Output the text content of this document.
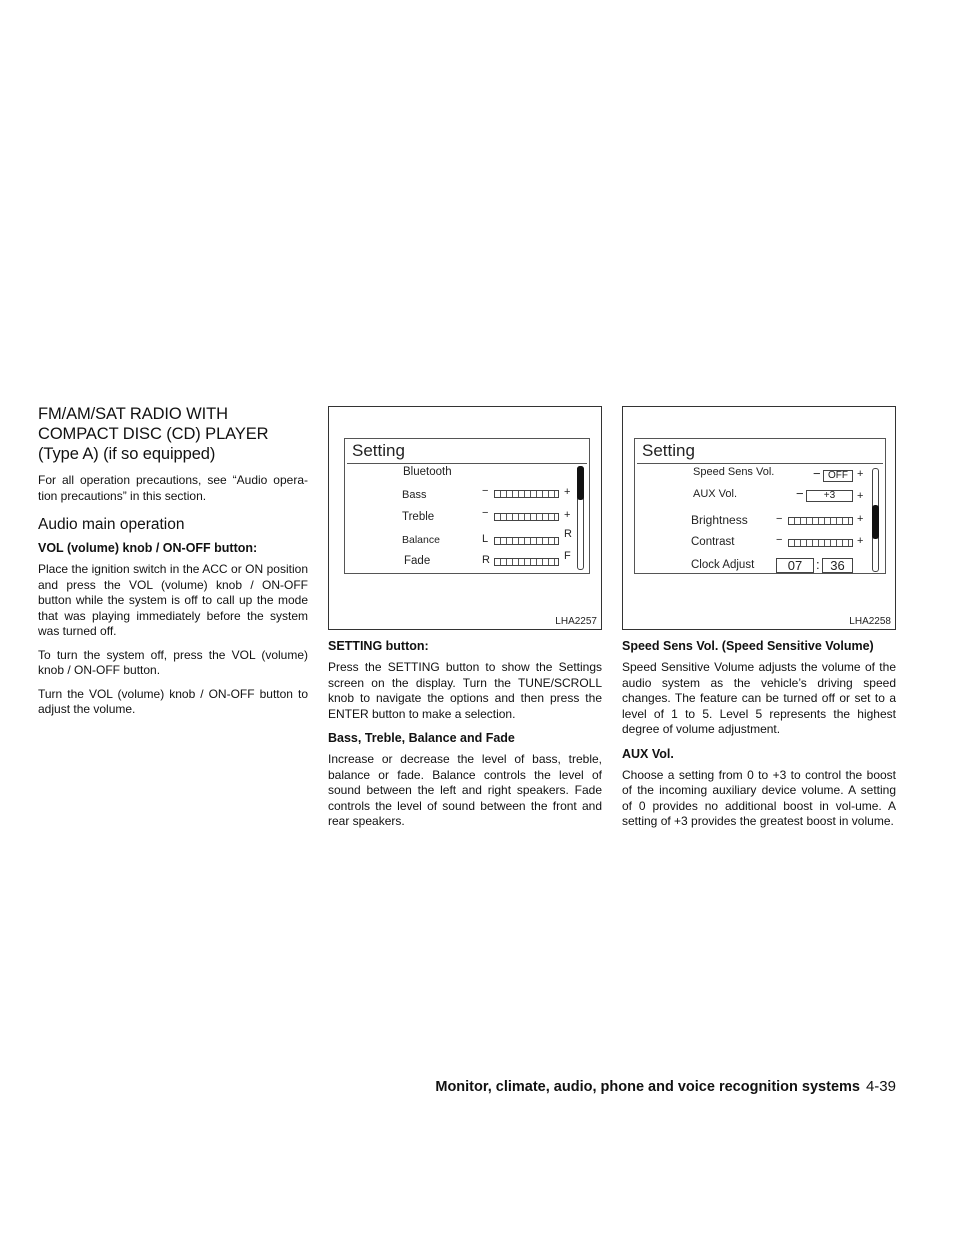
FM/AM/SAT RADIO WITH COMPACT DISC (CD) PLAYER (Type A) (if so equipped)

For all operation precautions, see “Audio opera-tion precautions” in this section.

Audio main operation
VOL (volume) knob / ON-OFF button:

Place the ignition switch in the ACC or ON position and press the VOL (volume) knob / ON-OFF button while the system is off to call up the mode that was playing immediately before the system was turned off.

To turn the system off, press the VOL (volume) knob / ON-OFF button.

Turn the VOL (volume) knob / ON-OFF button to adjust the volume.

Setting
Bluetooth
Bass	−	+
Treble	−	+
Balance	L	R
Fade	R	F
LHA2257
SETTING button:

Press the SETTING button to show the Settings screen on the display. Turn the TUNE/SCROLL knob to navigate the options and then press the ENTER button to make a selection.

Bass, Treble, Balance and Fade

Increase or decrease the level of bass, treble, balance or fade. Balance controls the level of sound between the left and right speakers. Fade controls the level of sound between the front and rear speakers.

Setting
Speed Sens Vol.	− OFF +
AUX Vol.	−	+3	+
Brightness	−	+
Contrast	−	+
Clock Adjust	07	: 36
LHA2258
Speed Sens Vol. (Speed Sensitive Volume)

Speed Sensitive Volume adjusts the volume of the audio system as the vehicle’s driving speed changes. The feature can be turned off or set to a level of 1 to 5. Level 5 represents the highest degree of volume adjustment.

AUX Vol.

Choose a setting from 0 to +3 to control the boost of the incoming auxiliary device volume. A setting of 0 provides no additional boost in vol-ume. A setting of +3 provides the greatest boost in volume.

Monitor, climate, audio, phone and voice recognition systems 4-39
